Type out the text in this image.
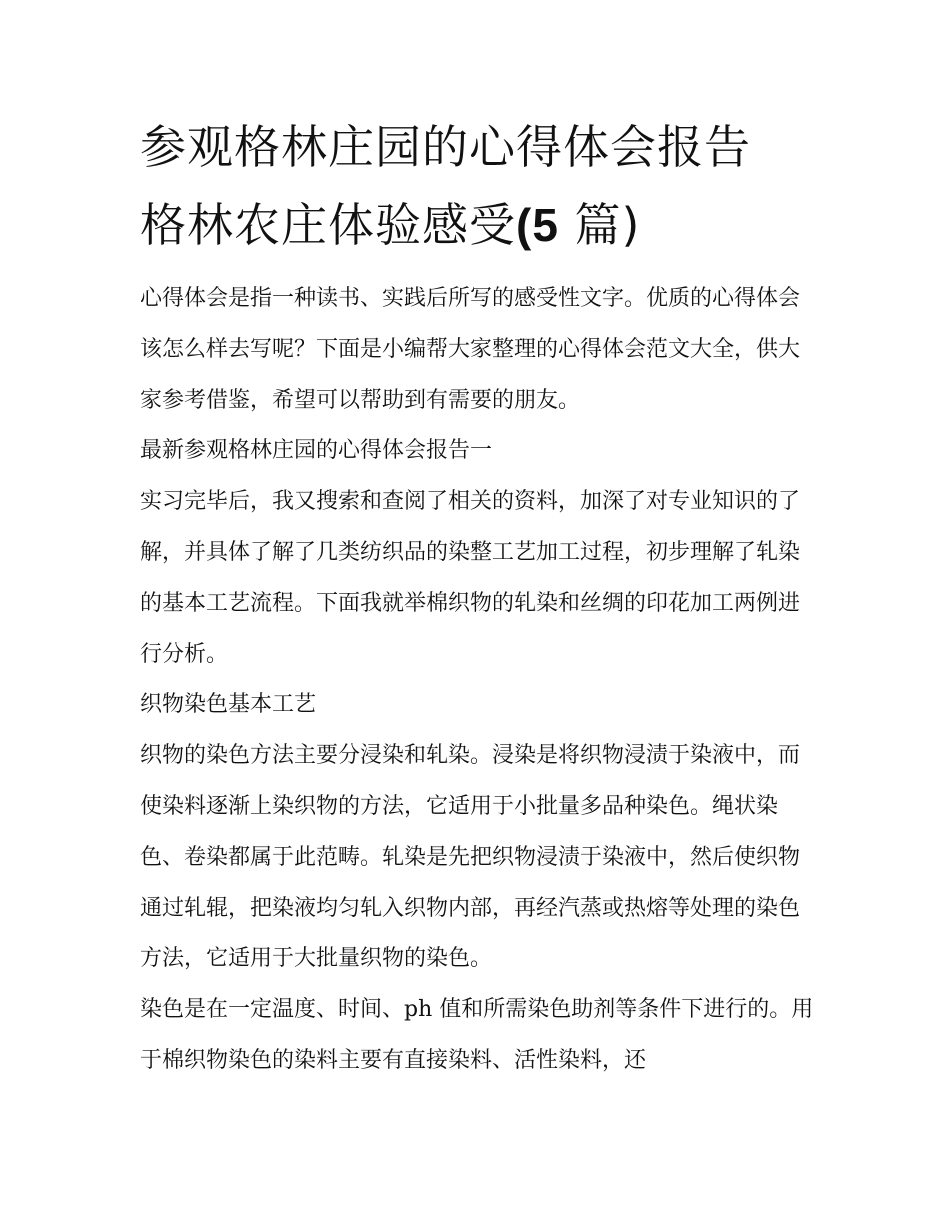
参观格林庄园的心得体会报告
格林农庄体验感受(5 篇)

心得体会是指一种读书、实践后所写的感受性文字。优质的心得体会该怎么样去写呢？下面是小编帮大家整理的心得体会范文大全，供大家参考借鉴，希望可以帮助到有需要的朋友。

最新参观格林庄园的心得体会报告一

实习完毕后，我又搜索和查阅了相关的资料，加深了对专业知识的了解，并具体了解了几类纺织品的染整工艺加工过程，初步理解了轧染的基本工艺流程。下面我就举棉织物的轧染和丝绸的印花加工两例进行分析。

织物染色基本工艺

织物的染色方法主要分浸染和轧染。浸染是将织物浸渍于染液中，而使染料逐渐上染织物的方法，它适用于小批量多品种染色。绳状染色、卷染都属于此范畴。轧染是先把织物浸渍于染液中，然后使织物通过轧辊，把染液均匀轧入织物内部，再经汽蒸或热熔等处理的染色方法，它适用于大批量织物的染色。

染色是在一定温度、时间、ph 值和所需染色助剂等条件下进行的。用于棉织物染色的染料主要有直接染料、活性染料，还
